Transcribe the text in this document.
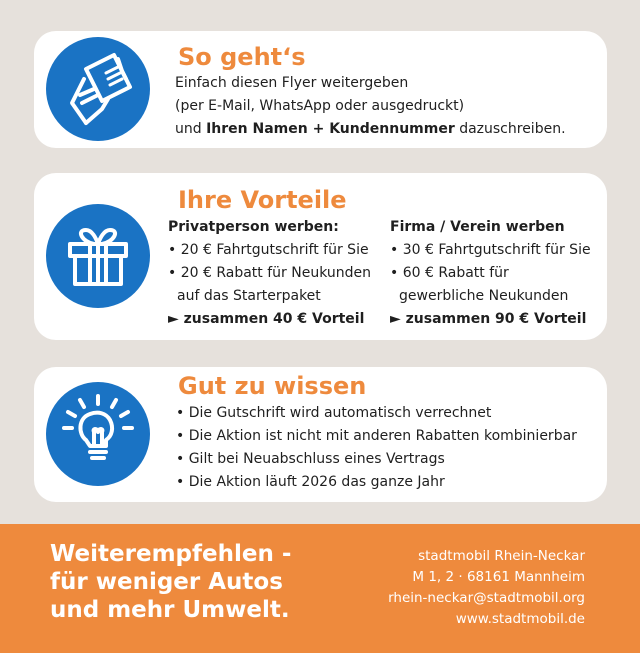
So geht‘s
Einfach diesen Flyer weitergeben
(per E-Mail, WhatsApp oder ausgedruckt)
und Ihren Namen + Kundennummer dazuschreiben.
Ihre Vorteile
Privatperson werben:
• 20 € Fahrtgutschrift für Sie
• 20 € Rabatt für Neukunden
auf das Starterpaket
► zusammen 40 € Vorteil
Firma / Verein werben
• 30 € Fahrtgutschrift für Sie
• 60 € Rabatt für
gewerbliche Neukunden
► zusammen 90 € Vorteil
Gut zu wissen
• Die Gutschrift wird automatisch verrechnet
• Die Aktion ist nicht mit anderen Rabatten kombinierbar
• Gilt bei Neuabschluss eines Vertrags
• Die Aktion läuft 2026 das ganze Jahr
Weiterempfehlen -
für weniger Autos
und mehr Umwelt.
stadtmobil Rhein-Neckar
M 1, 2 · 68161 Mannheim
rhein-neckar@stadtmobil.org
www.stadtmobil.de
